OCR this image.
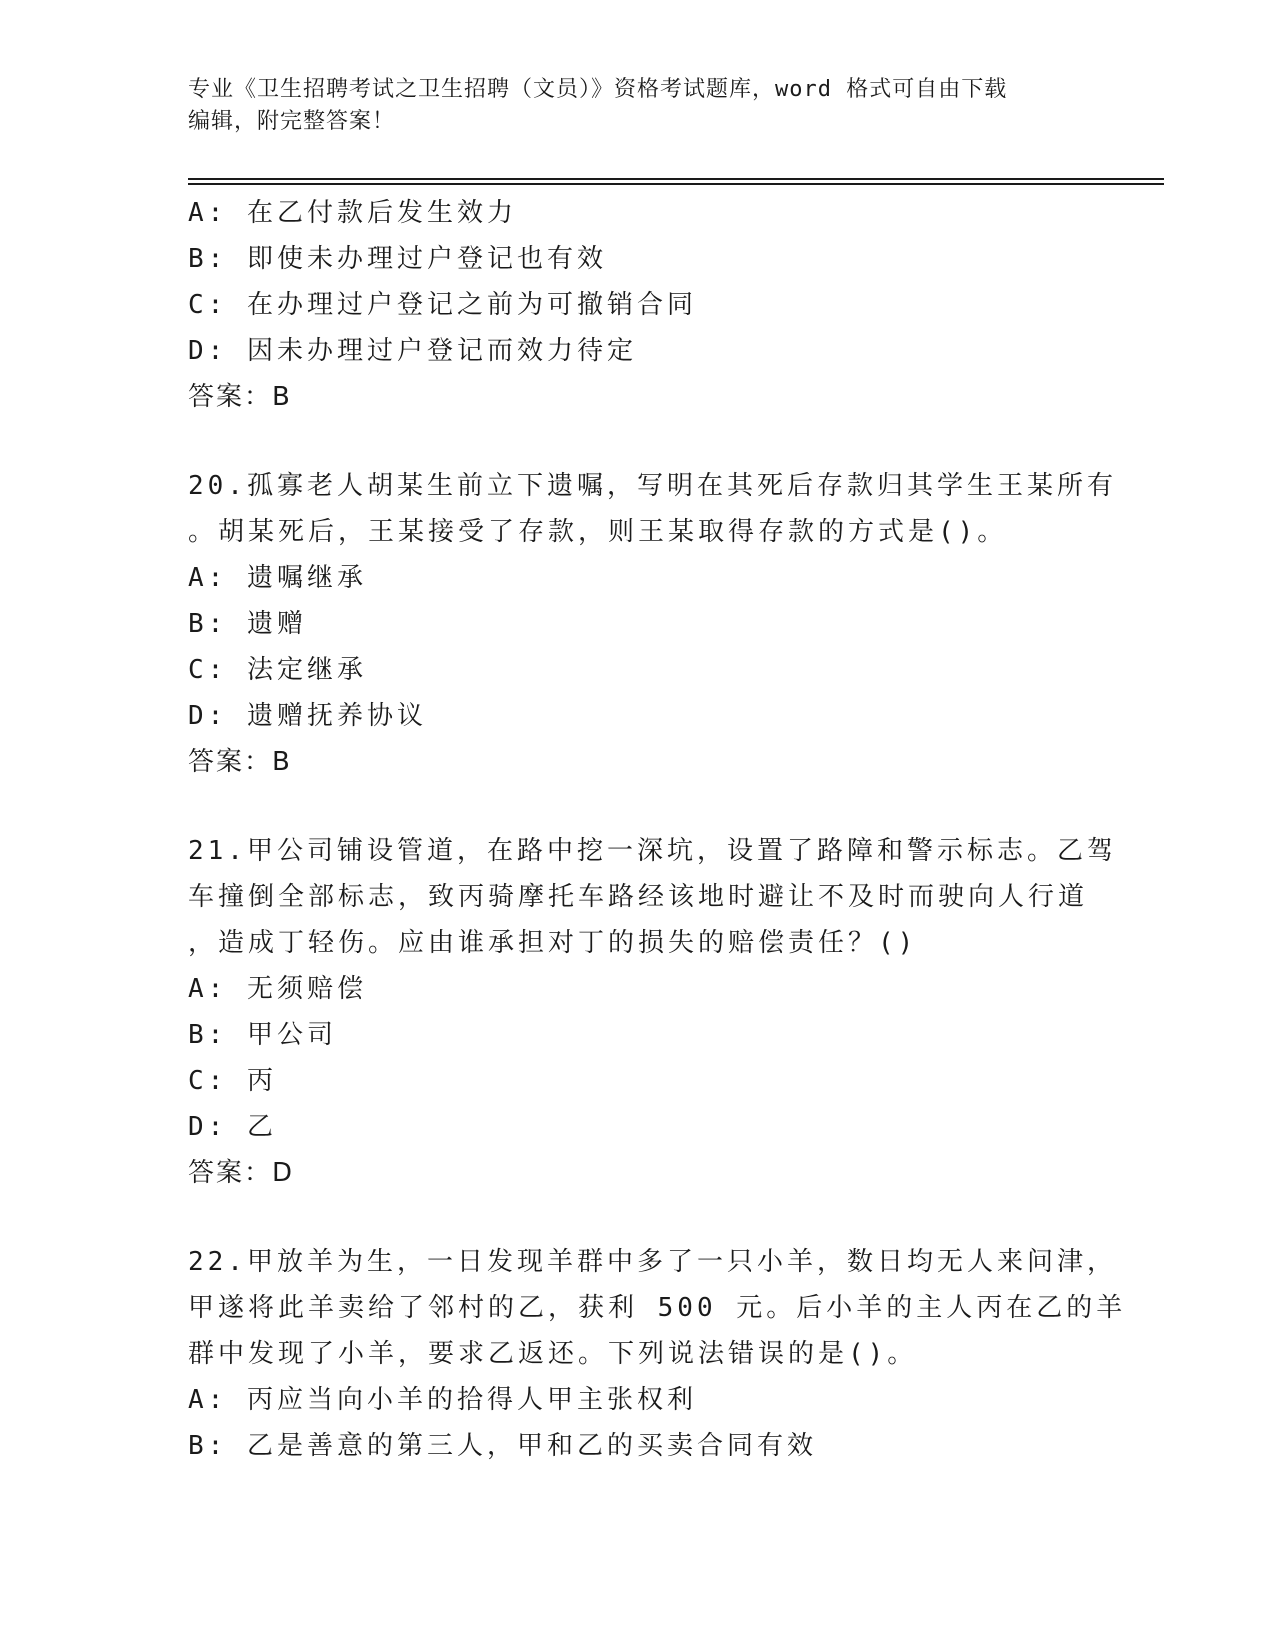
专业《卫生招聘考试之卫生招聘（文员）》资格考试题库，word 格式可自由下载
编辑，附完整答案！
A: 在乙付款后发生效力
B: 即使未办理过户登记也有效
C: 在办理过户登记之前为可撤销合同
D: 因未办理过户登记而效力待定
答案：B
20.孤寡老人胡某生前立下遗嘱，写明在其死后存款归其学生王某所有
。胡某死后，王某接受了存款，则王某取得存款的方式是()。
A: 遗嘱继承
B: 遗赠
C: 法定继承
D: 遗赠抚养协议
答案：B
21.甲公司铺设管道，在路中挖一深坑，设置了路障和警示标志。乙驾
车撞倒全部标志，致丙骑摩托车路经该地时避让不及时而驶向人行道
，造成丁轻伤。应由谁承担对丁的损失的赔偿责任？()
A: 无须赔偿
B: 甲公司
C: 丙
D: 乙
答案：D
22.甲放羊为生，一日发现羊群中多了一只小羊，数日均无人来问津，
甲遂将此羊卖给了邻村的乙，获利 500 元。后小羊的主人丙在乙的羊
群中发现了小羊，要求乙返还。下列说法错误的是()。
A: 丙应当向小羊的拾得人甲主张权利
B: 乙是善意的第三人，甲和乙的买卖合同有效
